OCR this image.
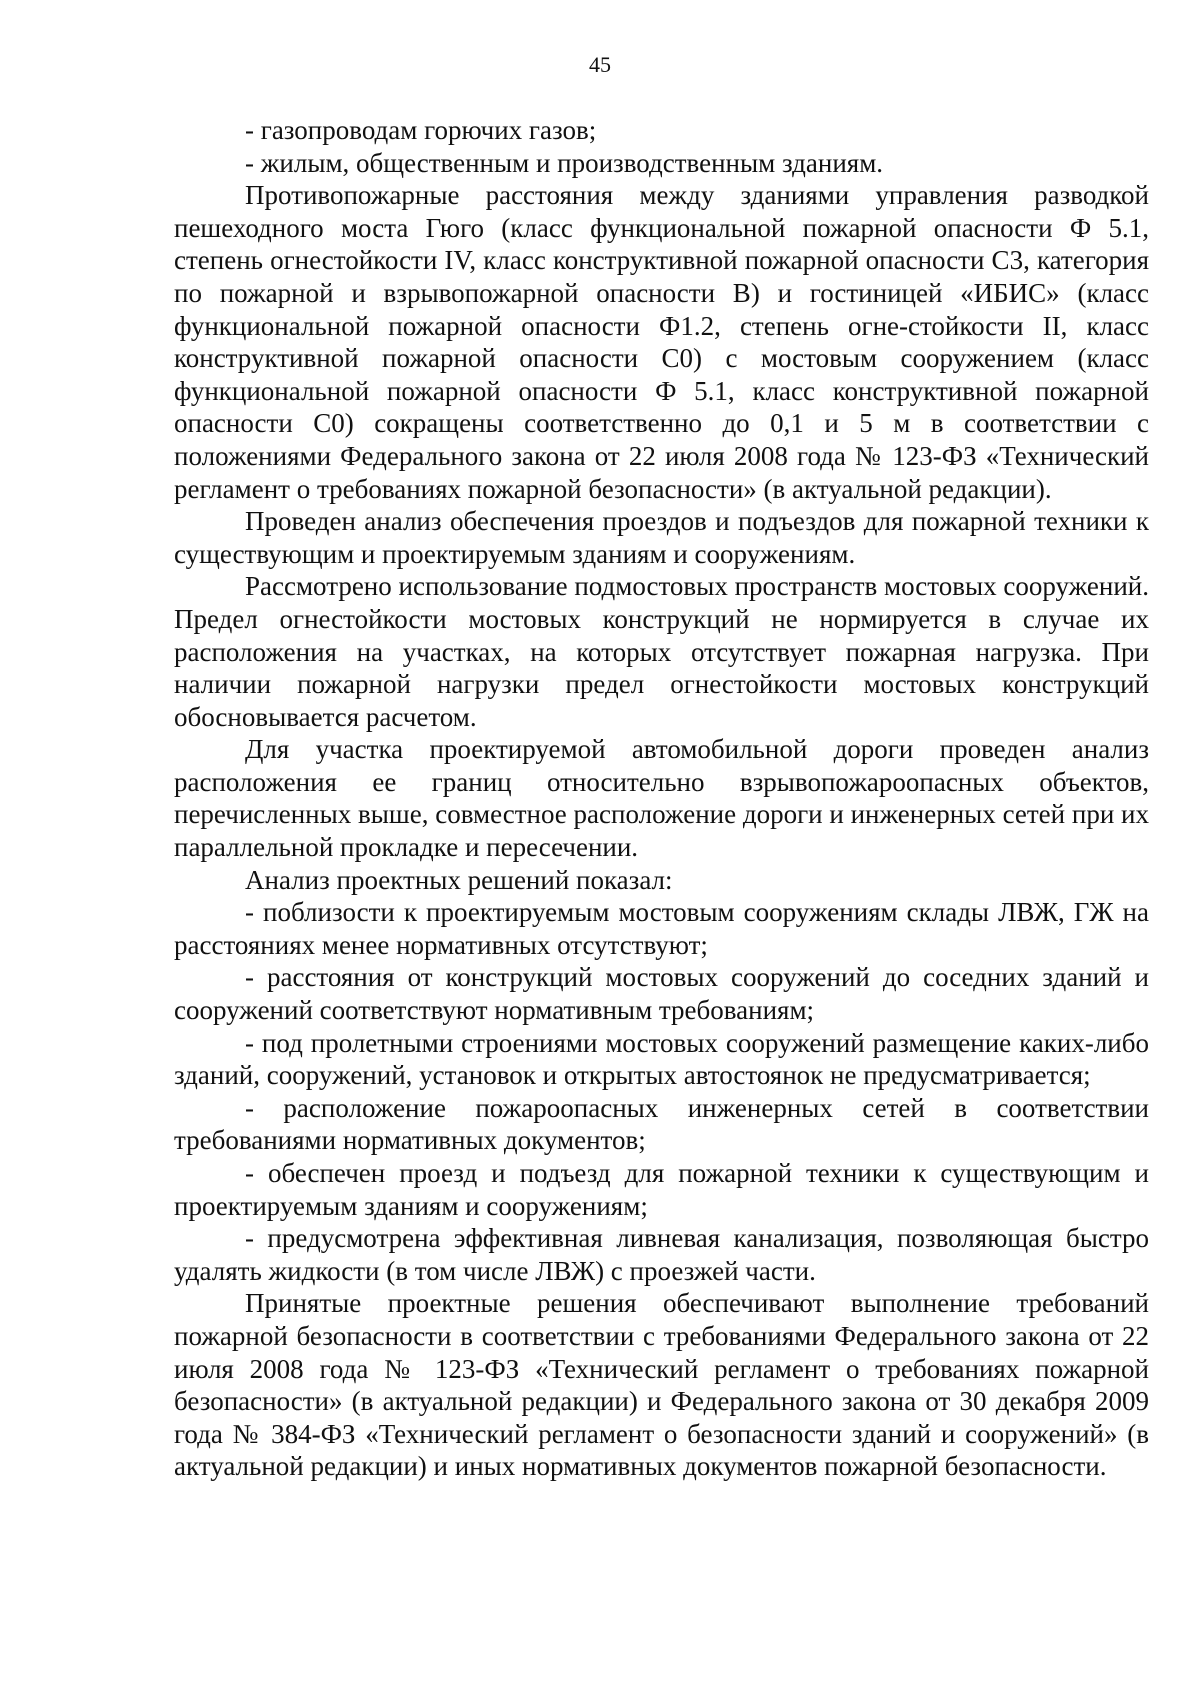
45

- газопроводам горючих газов;

- жилым, общественным и производственным зданиям.

Противопожарные расстояния между зданиями управления разводкой пешеходного моста Гюго (класс функциональной пожарной опасности Ф 5.1, степень огнестойкости IV, класс конструктивной пожарной опасности С3, категория по пожарной и взрывопожарной опасности В) и гостиницей «ИБИС» (класс функциональной пожарной опасности Ф1.2, степень огне-стойкости II, класс конструктивной пожарной опасности С0) с мостовым сооружением (класс функциональной пожарной опасности Ф 5.1, класс конструктивной пожарной опасности С0) сокращены соответственно до 0,1 и 5 м в соответствии с положениями Федерального закона от 22 июля 2008 года № 123-ФЗ «Технический регламент о требованиях пожарной безопасности» (в актуальной редакции).

Проведен анализ обеспечения проездов и подъездов для пожарной техники к существующим и проектируемым зданиям и сооружениям.

Рассмотрено использование подмостовых пространств мостовых сооружений. Предел огнестойкости мостовых конструкций не нормируется в случае их расположения на участках, на которых отсутствует пожарная нагрузка. При наличии пожарной нагрузки предел огнестойкости мостовых конструкций обосновывается расчетом.

Для участка проектируемой автомобильной дороги проведен анализ расположения ее границ относительно взрывопожароопасных объектов, перечисленных выше, совместное расположение дороги и инженерных сетей при их параллельной прокладке и пересечении.

Анализ проектных решений показал:

- поблизости к проектируемым мостовым сооружениям склады ЛВЖ, ГЖ на расстояниях менее нормативных отсутствуют;

- расстояния от конструкций мостовых сооружений до соседних зданий и сооружений соответствуют нормативным требованиям;

- под пролетными строениями мостовых сооружений размещение каких-либо зданий, сооружений, установок и открытых автостоянок не предусматривается;

- расположение пожароопасных инженерных сетей в соответствии требованиями нормативных документов;

- обеспечен проезд и подъезд для пожарной техники к существующим и проектируемым зданиям и сооружениям;

- предусмотрена эффективная ливневая канализация, позволяющая быстро удалять жидкости (в том числе ЛВЖ) с проезжей части.

Принятые проектные решения обеспечивают выполнение требований пожарной безопасности в соответствии с требованиями Федерального закона от 22 июля 2008 года № 123-ФЗ «Технический регламент о требованиях пожарной безопасности» (в актуальной редакции) и Федерального закона от 30 декабря 2009 года № 384-ФЗ «Технический регламент о безопасности зданий и сооружений» (в актуальной редакции) и иных нормативных документов пожарной безопасности.
